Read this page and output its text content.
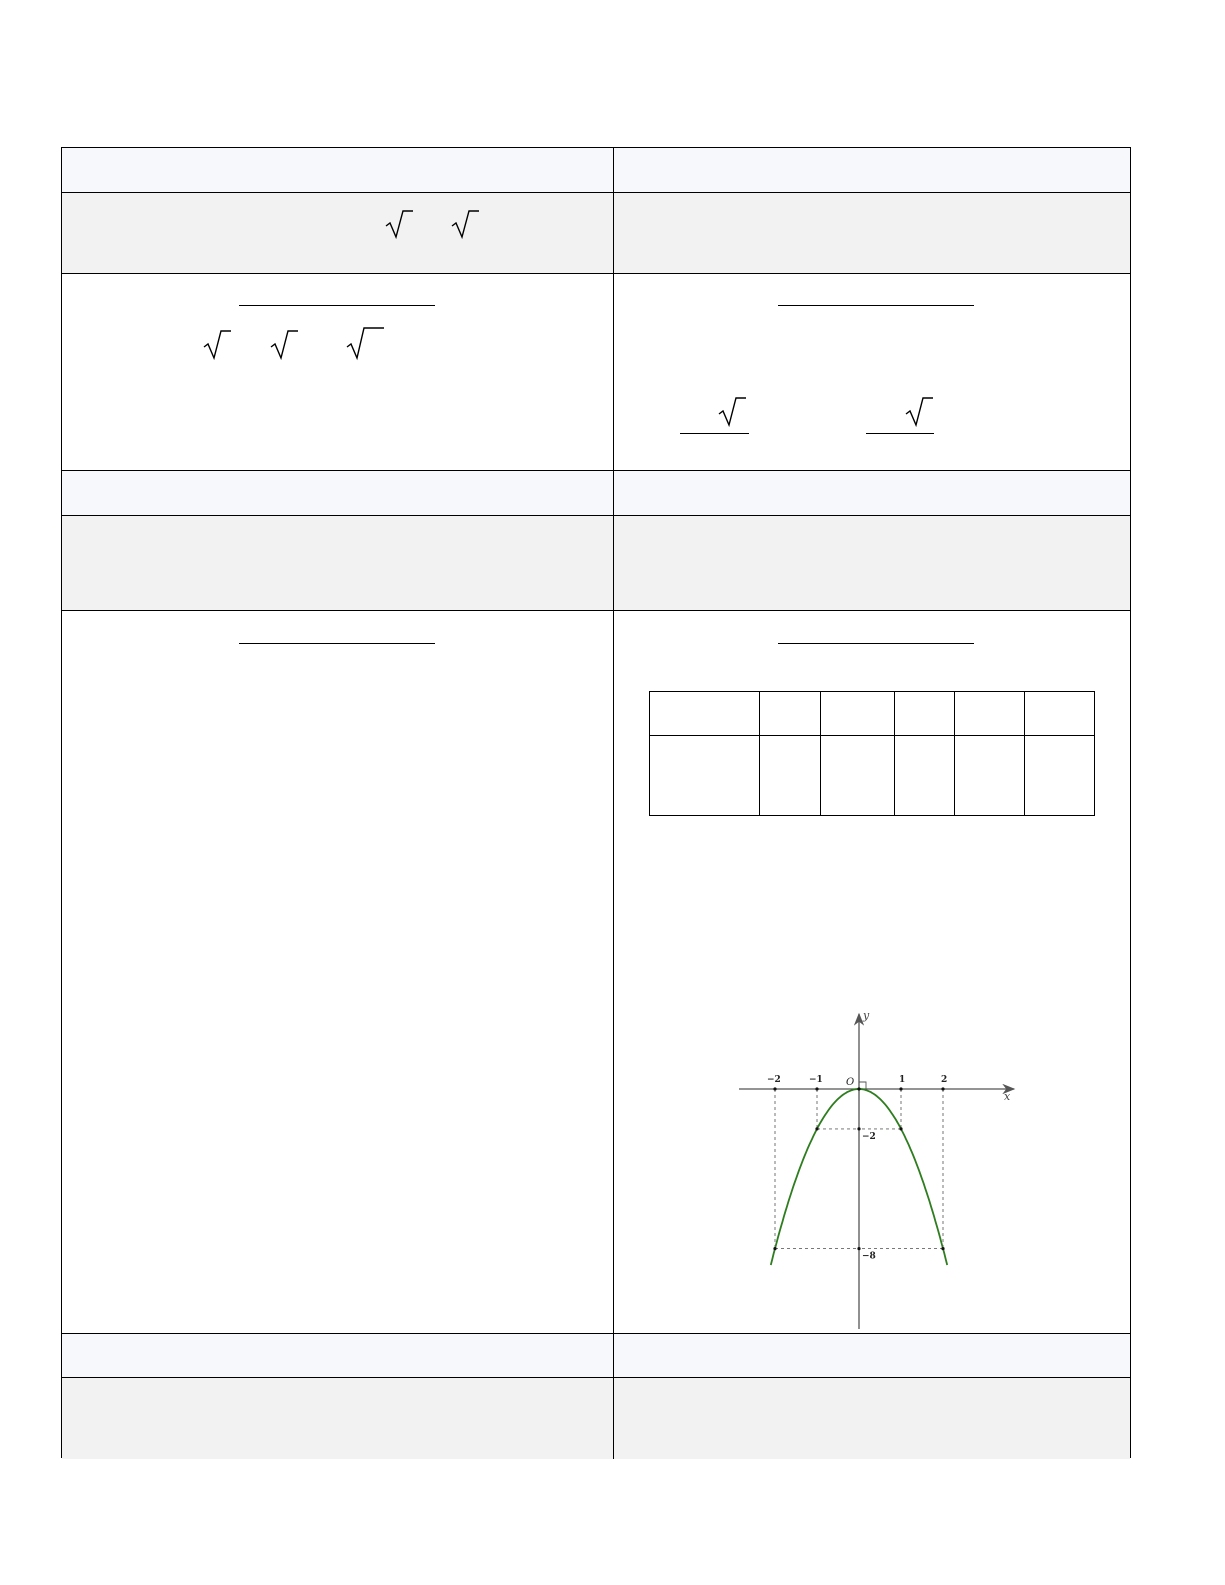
x
y
O
−2	−1	1	2
−2
−8
